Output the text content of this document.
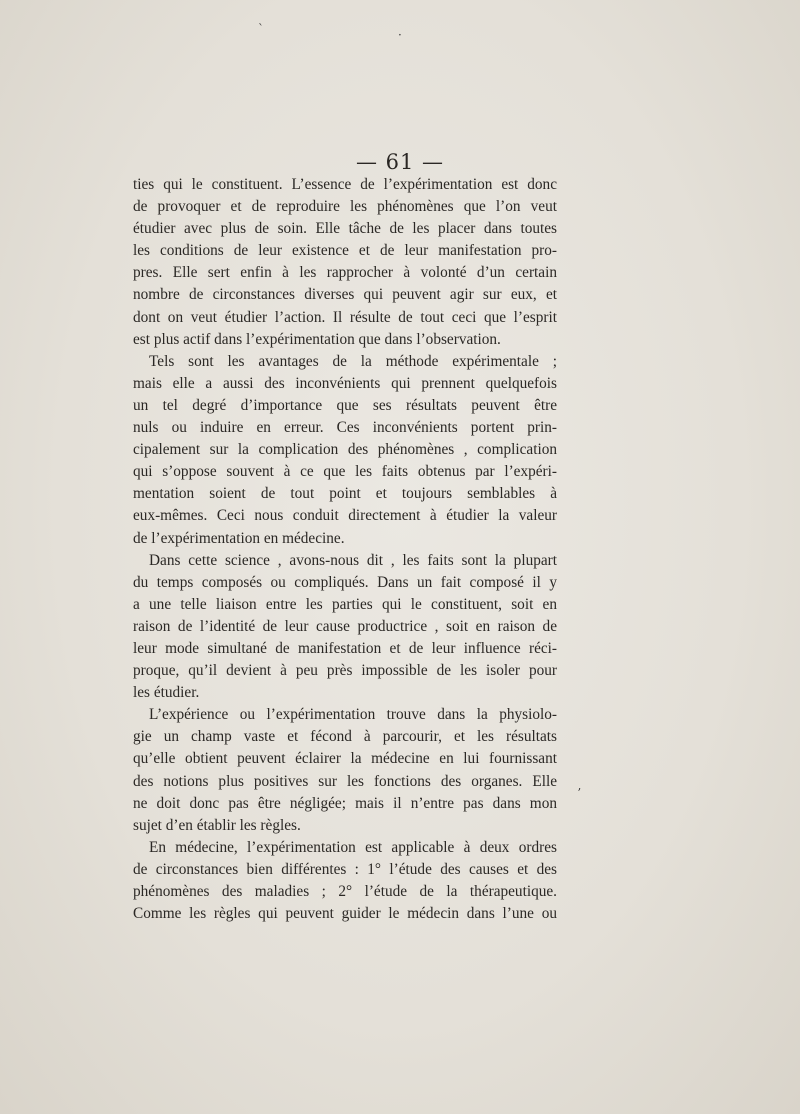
·
ˋ
ʼ
— 61 —
ties qui le constituent. L’essence de l’expérimentation est donc
de provoquer et de reproduire les phénomènes que l’on veut
étudier avec plus de soin. Elle tâche de les placer dans toutes
les conditions de leur existence et de leur manifestation pro-
pres. Elle sert enfin à les rapprocher à volonté d’un certain
nombre de circonstances diverses qui peuvent agir sur eux, et
dont on veut étudier l’action. Il résulte de tout ceci que l’esprit
est plus actif dans l’expérimentation que dans l’observation.
Tels sont les avantages de la méthode expérimentale ;
mais elle a aussi des inconvénients qui prennent quelquefois
un tel degré d’importance que ses résultats peuvent être
nuls ou induire en erreur. Ces inconvénients portent prin-
cipalement sur la complication des phénomènes , complication
qui s’oppose souvent à ce que les faits obtenus par l’expéri-
mentation soient de tout point et toujours semblables à
eux-mêmes. Ceci nous conduit directement à étudier la valeur
de l’expérimentation en médecine.
Dans cette science , avons-nous dit , les faits sont la plupart
du temps composés ou compliqués. Dans un fait composé il y
a une telle liaison entre les parties qui le constituent, soit en
raison de l’identité de leur cause productrice , soit en raison de
leur mode simultané de manifestation et de leur influence réci-
proque, qu’il devient à peu près impossible de les isoler pour
les étudier.
L’expérience ou l’expérimentation trouve dans la physiolo-
gie un champ vaste et fécond à parcourir, et les résultats
qu’elle obtient peuvent éclairer la médecine en lui fournissant
des notions plus positives sur les fonctions des organes. Elle
ne doit donc pas être négligée; mais il n’entre pas dans mon
sujet d’en établir les règles.
En médecine, l’expérimentation est applicable à deux ordres
de circonstances bien différentes : 1° l’étude des causes et des
phénomènes des maladies ; 2° l’étude de la thérapeutique.
Comme les règles qui peuvent guider le médecin dans l’une ou
